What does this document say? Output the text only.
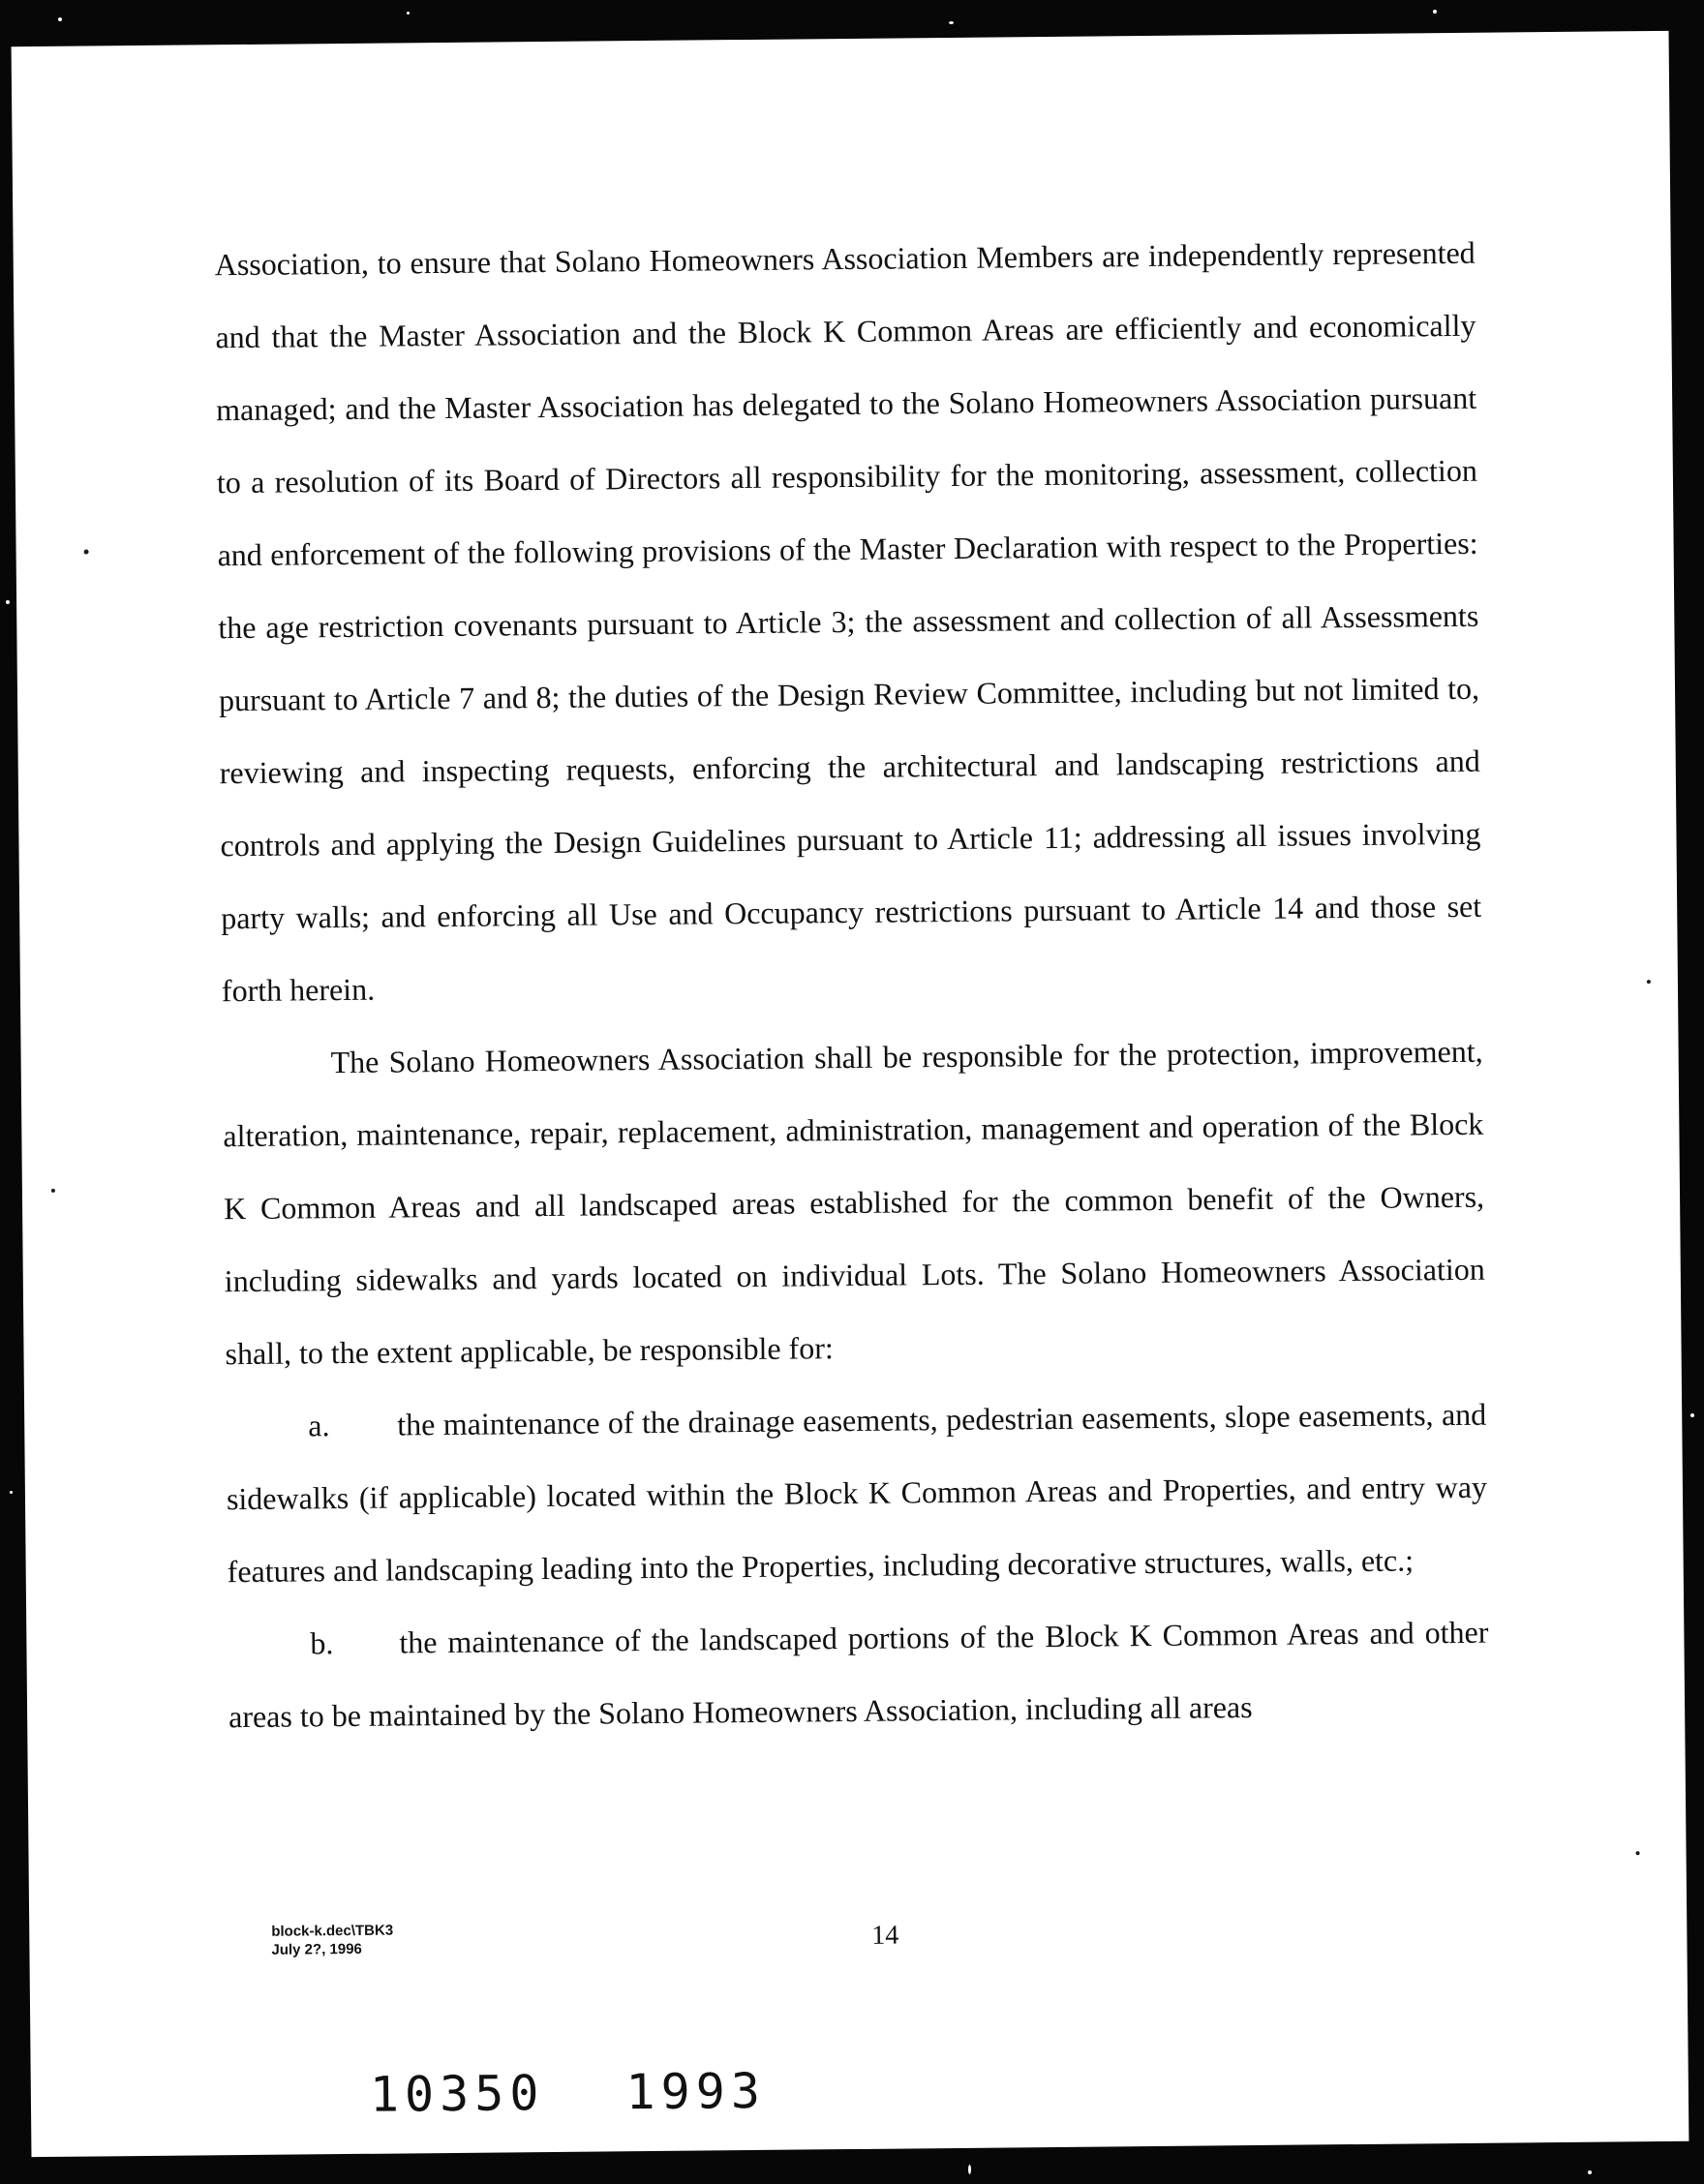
Association, to ensure that Solano Homeowners Association Members are independently represented and that the Master Association and the Block K Common Areas are efficiently and economically managed; and the Master Association has delegated to the Solano Homeowners Association pursuant to a resolution of its Board of Directors all responsibility for the monitoring, assessment, collection and enforcement of the following provisions of the Master Declaration with respect to the Properties: the age restriction covenants pursuant to Article 3; the assessment and collection of all Assessments pursuant to Article 7 and 8; the duties of the Design Review Committee, including but not limited to, reviewing and inspecting requests, enforcing the architectural and landscaping restrictions and controls and applying the Design Guidelines pursuant to Article 11; addressing all issues involving party walls; and enforcing all Use and Occupancy restrictions pursuant to Article 14 and those set forth herein.

The Solano Homeowners Association shall be responsible for the protection, improvement, alteration, maintenance, repair, replacement, administration, management and operation of the Block K Common Areas and all landscaped areas established for the common benefit of the Owners, including sidewalks and yards located on individual Lots. The Solano Homeowners Association shall, to the extent applicable, be responsible for:

a. the maintenance of the drainage easements, pedestrian easements, slope easements, and sidewalks (if applicable) located within the Block K Common Areas and Properties, and entry way features and landscaping leading into the Properties, including decorative structures, walls, etc.;

b. the maintenance of the landscaped portions of the Block K Common Areas and other areas to be maintained by the Solano Homeowners Association, including all areas

block-k.dec\TBK3
July 2?, 1996	14
10350 1993
